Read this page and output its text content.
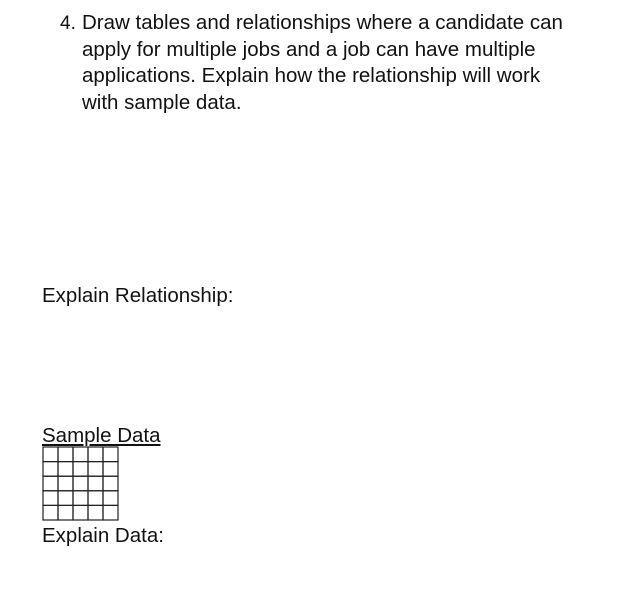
4. Draw tables and relationships where a candidate can
apply for multiple jobs and a job can have multiple
applications. Explain how the relationship will work
with sample data.
Explain Relationship:
Sample Data
Explain Data:
